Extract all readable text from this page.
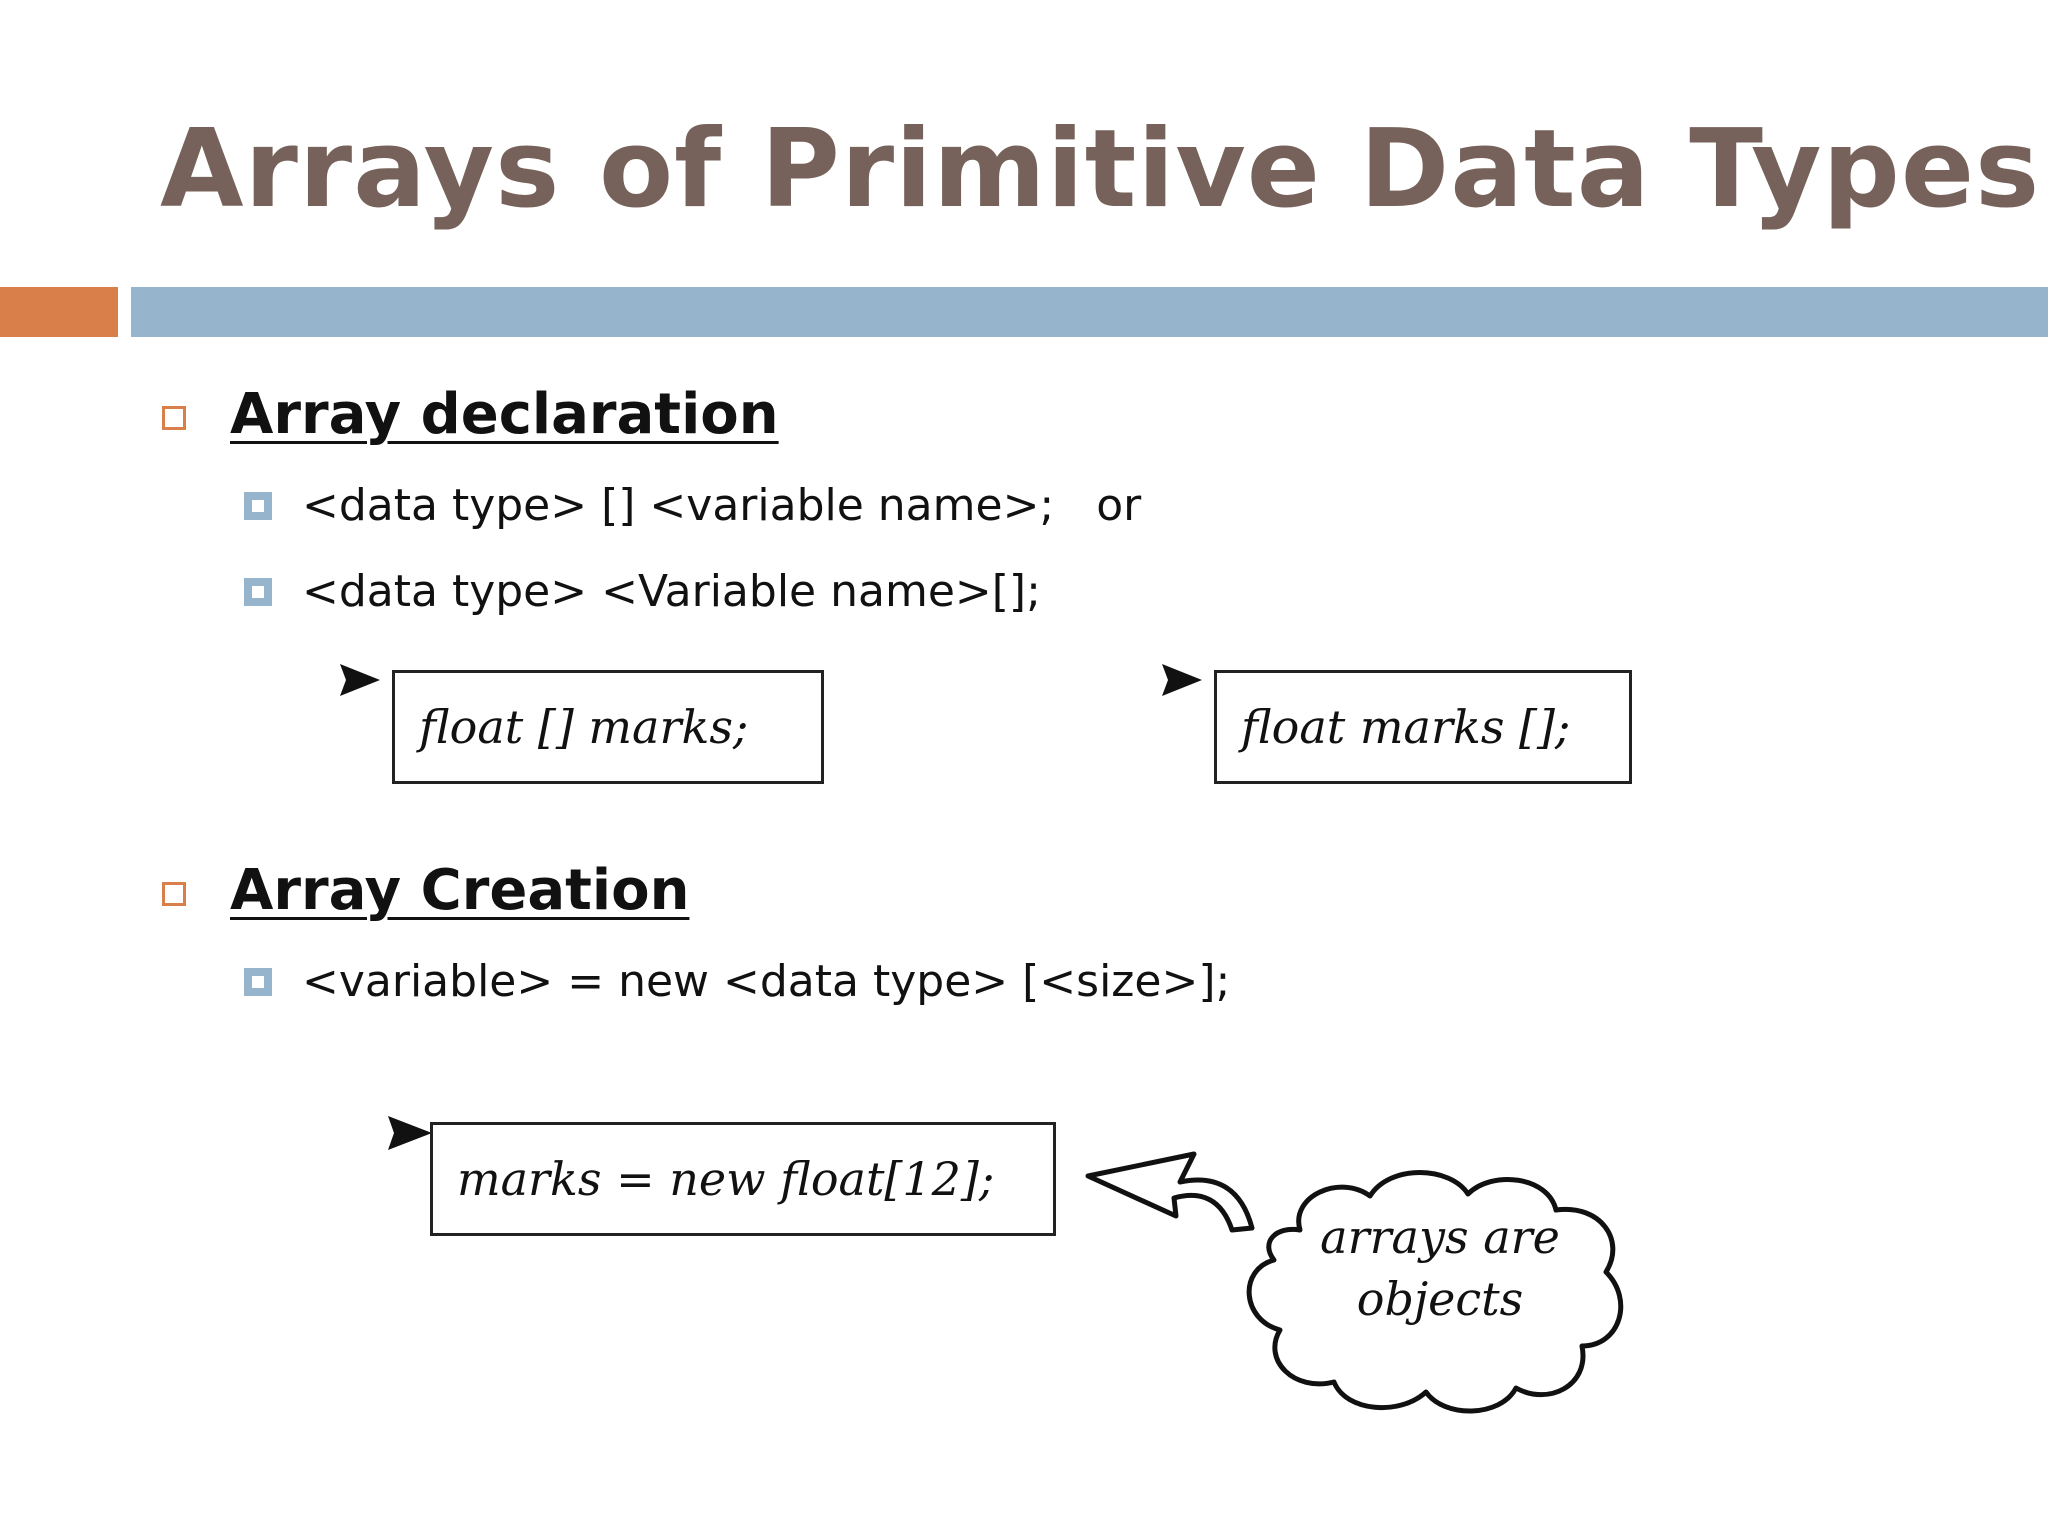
Arrays of Primitive Data Types
Array declaration

<data type> [] <variable name>;   or

<data type> <Variable name>[];

float [] marks;	float marks [];
Array Creation

<variable> = new <data type> [<size>];

marks = new float[12];
arrays are
objects
